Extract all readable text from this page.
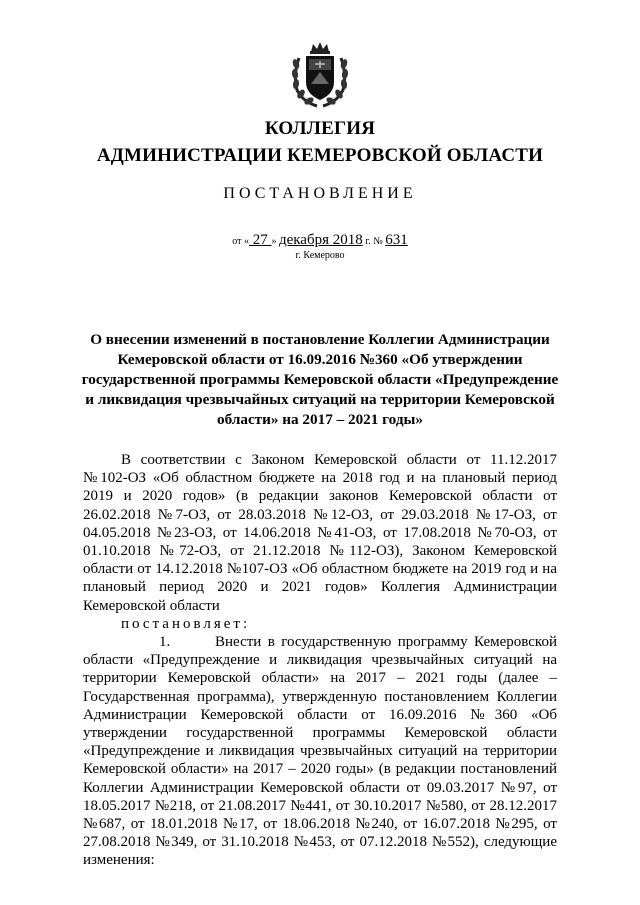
КОЛЛЕГИЯ
АДМИНИСТРАЦИИ КЕМЕРОВСКОЙ ОБЛАСТИ
ПОСТАНОВЛЕНИЕ
от « 27 » декабря 2018 г. № 631
г. Кемерово
О внесении изменений в постановление Коллегии Администрации Кемеровской области от 16.09.2016 №360 «Об утверждении государственной программы Кемеровской области «Предупреждение и ликвидация чрезвычайных ситуаций на территории Кемеровской области» на 2017 – 2021 годы»

В соответствии с Законом Кемеровской области от 11.12.2017 №102-ОЗ «Об областном бюджете на 2018 год и на плановый период 2019 и 2020 годов» (в редакции законов Кемеровской области от 26.02.2018 №7-ОЗ, от 28.03.2018 №12-ОЗ, от 29.03.2018 №17-ОЗ, от 04.05.2018 №23-ОЗ, от 14.06.2018 №41-ОЗ, от 17.08.2018 №70-ОЗ, от 01.10.2018 №72-ОЗ, от 21.12.2018 №112-ОЗ), Законом Кемеровской области от 14.12.2018 №107-ОЗ «Об областном бюджете на 2019 год и на плановый период 2020 и 2021 годов» Коллегия Администрации Кемеровской области

постановляет:

1.	Внести в государственную программу Кемеровской области «Предупреждение и ликвидация чрезвычайных ситуаций на территории Кемеровской области» на 2017 – 2021 годы (далее – Государственная программа), утвержденную постановлением Коллегии Администрации Кемеровской области от 16.09.2016 №360 «Об утверждении государственной программы Кемеровской области «Предупреждение и ликвидация чрезвычайных ситуаций на территории Кемеровской области» на 2017 – 2020 годы» (в редакции постановлений Коллегии Администрации Кемеровской области от 09.03.2017 №97, от 18.05.2017 №218, от 21.08.2017 №441, от 30.10.2017 №580, от 28.12.2017 №687, от 18.01.2018 №17, от 18.06.2018 №240, от 16.07.2018 №295, от 27.08.2018 №349, от 31.10.2018 №453, от 07.12.2018 №552), следующие изменения:
